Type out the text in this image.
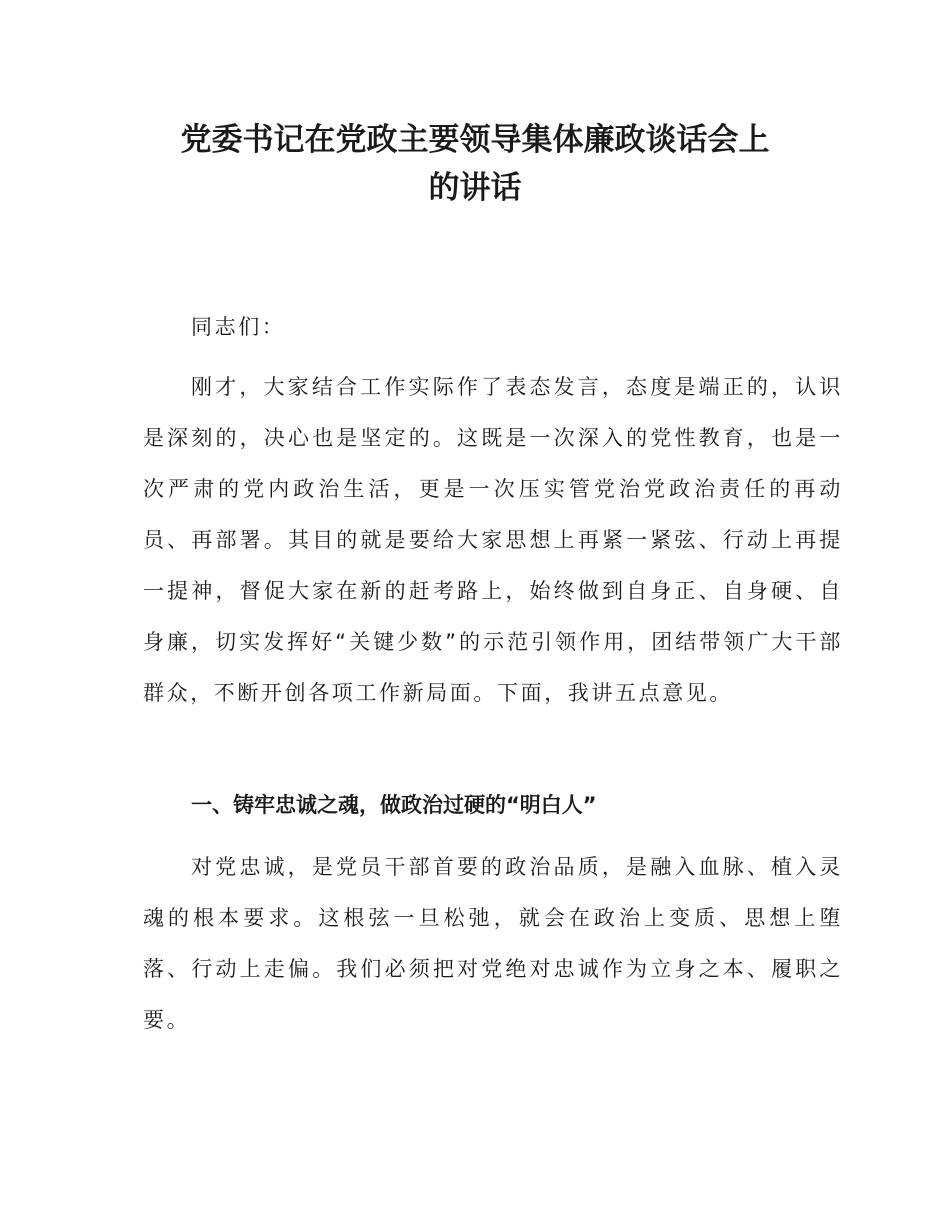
党委书记在党政主要领导集体廉政谈话会上
的讲话

同志们：

刚才，大家结合工作实际作了表态发言，态度是端正的，认识是深刻的，决心也是坚定的。这既是一次深入的党性教育，也是一次严肃的党内政治生活，更是一次压实管党治党政治责任的再动员、再部署。其目的就是要给大家思想上再紧一紧弦、行动上再提一提神，督促大家在新的赶考路上，始终做到自身正、自身硬、自身廉，切实发挥好“关键少数”的示范引领作用，团结带领广大干部群众，不断开创各项工作新局面。下面，我讲五点意见。

一、铸牢忠诚之魂，做政治过硬的“明白人”

对党忠诚，是党员干部首要的政治品质，是融入血脉、植入灵魂的根本要求。这根弦一旦松弛，就会在政治上变质、思想上堕落、行动上走偏。我们必须把对党绝对忠诚作为立身之本、履职之要。
